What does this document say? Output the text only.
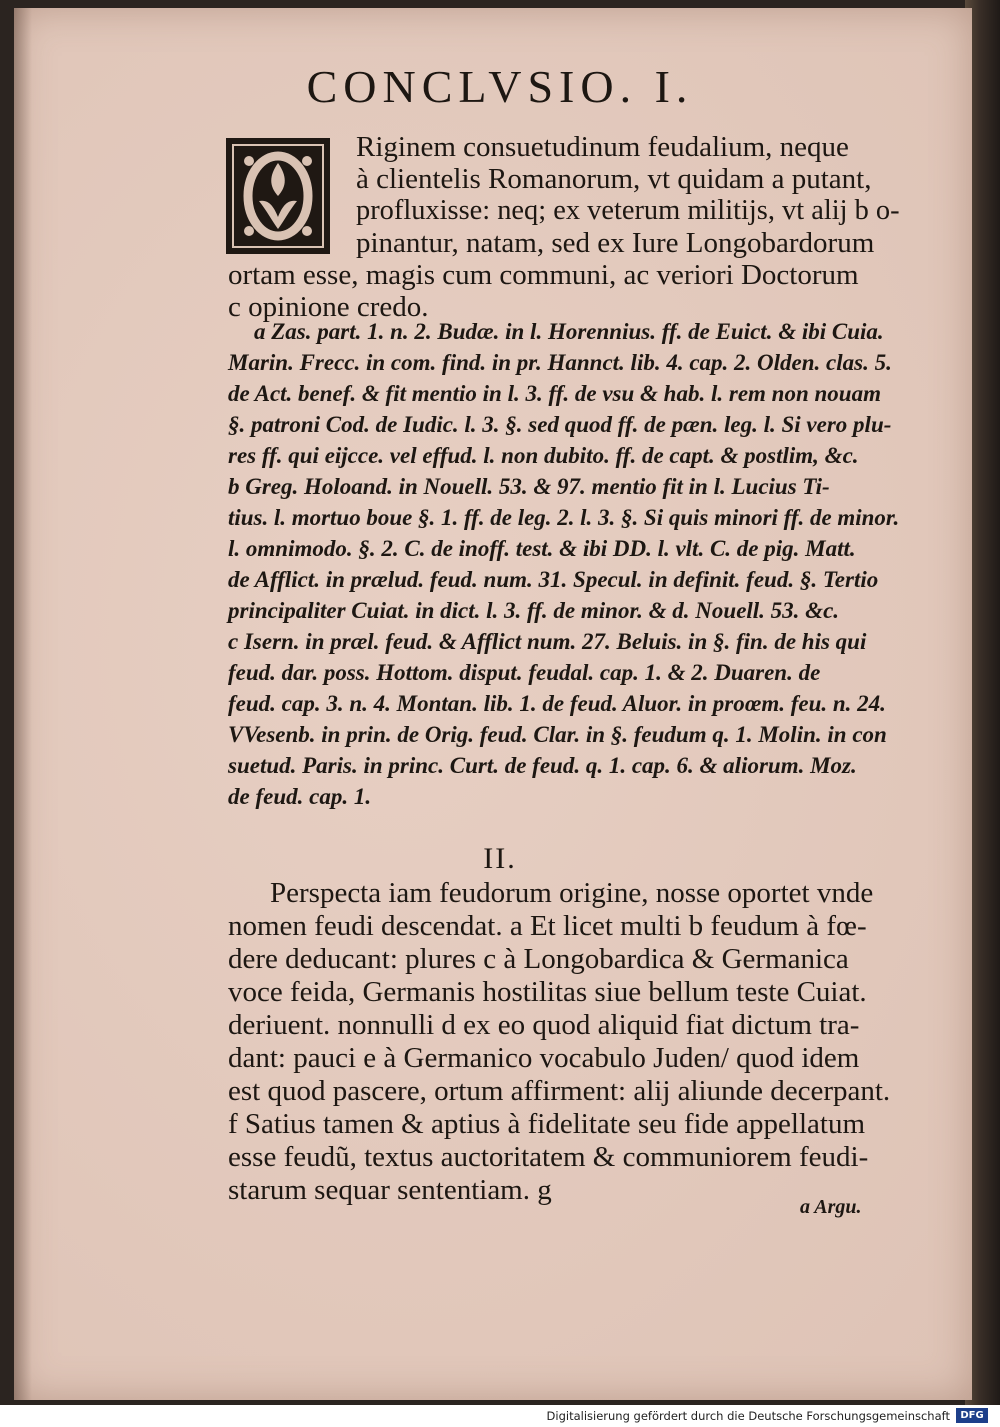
CONCLVSIO. I.
Riginem consuetudinum feudalium, neque
à clientelis Romanorum, vt quidam a putant,
profluxisse: neq; ex veterum militijs, vt alij b o-
pinantur, natam, sed ex Iure Longobardorum
ortam esse, magis cum communi, ac veriori Doctorum
c opinione credo.
a Zas. part. 1. n. 2. Budæ. in l. Horennius. ff. de Euict. & ibi Cuia.
Marin. Frecc. in com. find. in pr. Hannct. lib. 4. cap. 2. Olden. clas. 5.
de Act. benef. & fit mentio in l. 3. ff. de vsu & hab. l. rem non nouam
§. patroni Cod. de Iudic. l. 3. §. sed quod ff. de pæn. leg. l. Si vero plu-
res ff. qui eijcce. vel effud. l. non dubito. ff. de capt. & postlim, &c.
b Greg. Holoand. in Nouell. 53. & 97. mentio fit in l. Lucius Ti-
tius. l. mortuo boue §. 1. ff. de leg. 2. l. 3. §. Si quis minori ff. de minor.
l. omnimodo. §. 2. C. de inoff. test. & ibi DD. l. vlt. C. de pig. Matt.
de Afflict. in prælud. feud. num. 31. Specul. in definit. feud. §. Tertio
principaliter Cuiat. in dict. l. 3. ff. de minor. & d. Nouell. 53. &c.
c Isern. in præl. feud. & Afflict num. 27. Beluis. in §. fin. de his qui
feud. dar. poss. Hottom. disput. feudal. cap. 1. & 2. Duaren. de
feud. cap. 3. n. 4. Montan. lib. 1. de feud. Aluor. in proœm. feu. n. 24.
VVesenb. in prin. de Orig. feud. Clar. in §. feudum q. 1. Molin. in con
suetud. Paris. in princ. Curt. de feud. q. 1. cap. 6. & aliorum. Moz.
de feud. cap. 1.
II.
Perspecta iam feudorum origine, nosse oportet vnde
nomen feudi descendat. a Et licet multi b feudum à fœ-
dere deducant: plures c à Longobardica & Germanica
voce feida, Germanis hostilitas siue bellum teste Cuiat.
deriuent. nonnulli d ex eo quod aliquid fiat dictum tra-
dant: pauci e à Germanico vocabulo Juden/ quod idem
est quod pascere, ortum affirment: alij aliunde decerpant.
f Satius tamen & aptius à fidelitate seu fide appellatum
esse feudũ, textus auctoritatem & communiorem feudi-
starum sequar sententiam. g
a Argu.
Digitalisierung gefördert durch die Deutsche Forschungsgemeinschaft	DFG
